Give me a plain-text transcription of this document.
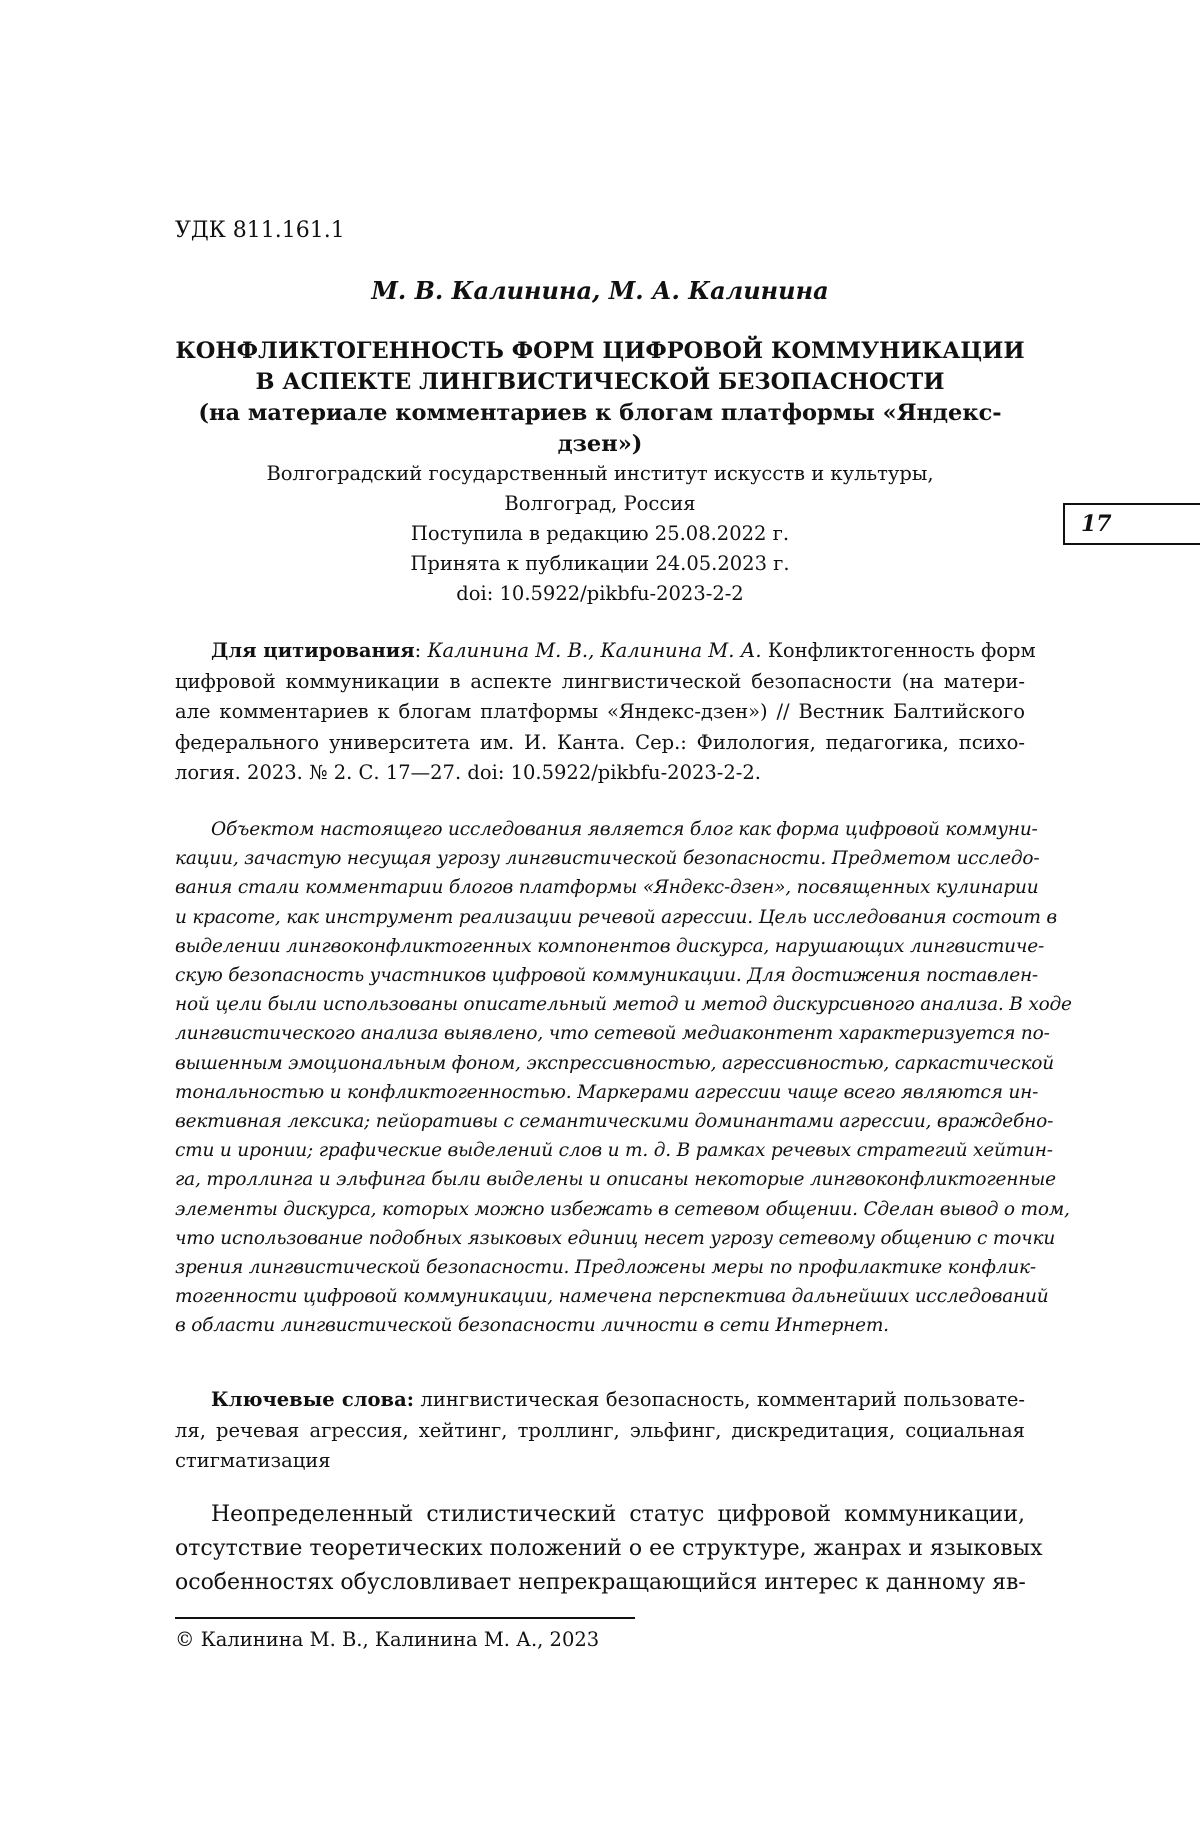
УДК 811.161.1
М. В. Калинина, М. А. Калинина
КОНФЛИКТОГЕННОСТЬ ФОРМ ЦИФРОВОЙ КОММУНИКАЦИИ
В АСПЕКТЕ ЛИНГВИСТИЧЕСКОЙ БЕЗОПАСНОСТИ
(на материале комментариев к блогам платформы «Яндекс-дзен»)
Волгоградский государственный институт искусств и культуры,
Волгоград, Россия
Поступила в редакцию 25.08.2022 г.
Принята к публикации 24.05.2023 г.
doi: 10.5922/pikbfu-2023-2-2
17
Для цитирования: Калинина М. В., Калинина М. А. Конфликтогенность форм
цифровой коммуникации в аспекте лингвистической безопасности (на матери-
але комментариев к блогам платформы «Яндекс-дзен») // Вестник Балтийского
федерального университета им. И. Канта. Сер.: Филология, педагогика, психо-
логия. 2023. № 2. С. 17—27. doi: 10.5922/pikbfu-2023-2-2.
Объектом настоящего исследования является блог как форма цифровой коммуни-
кации, зачастую несущая угрозу лингвистической безопасности. Предметом исследо-
вания стали комментарии блогов платформы «Яндекс-дзен», посвященных кулинарии
и красоте, как инструмент реализации речевой агрессии. Цель исследования состоит в
выделении лингвоконфликтогенных компонентов дискурса, нарушающих лингвистиче-
скую безопасность участников цифровой коммуникации. Для достижения поставлен-
ной цели были использованы описательный метод и метод дискурсивного анализа. В ходе
лингвистического анализа выявлено, что сетевой медиаконтент характеризуется по-
вышенным эмоциональным фоном, экспрессивностью, агрессивностью, саркастической
тональностью и конфликтогенностью. Маркерами агрессии чаще всего являются ин-
вективная лексика; пейоративы с семантическими доминантами агрессии, враждебно-
сти и иронии; графические выделений слов и т. д. В рамках речевых стратегий хейтин-
га, троллинга и эльфинга были выделены и описаны некоторые лингвоконфликтогенные
элементы дискурса, которых можно избежать в сетевом общении. Сделан вывод о том,
что использование подобных языковых единиц несет угрозу сетевому общению с точки
зрения лингвистической безопасности. Предложены меры по профилактике конфлик-
тогенности цифровой коммуникации, намечена перспектива дальнейших исследований
в области лингвистической безопасности личности в сети Интернет.
Ключевые слова: лингвистическая безопасность, комментарий пользовате-
ля, речевая агрессия, хейтинг, троллинг, эльфинг, дискредитация, социальная
стигматизация
Неопределенный стилистический статус цифровой коммуникации,
отсутствие теоретических положений о ее структуре, жанрах и языковых
особенностях обусловливает непрекращающийся интерес к данному яв-
© Калинина М. В., Калинина М. А., 2023
